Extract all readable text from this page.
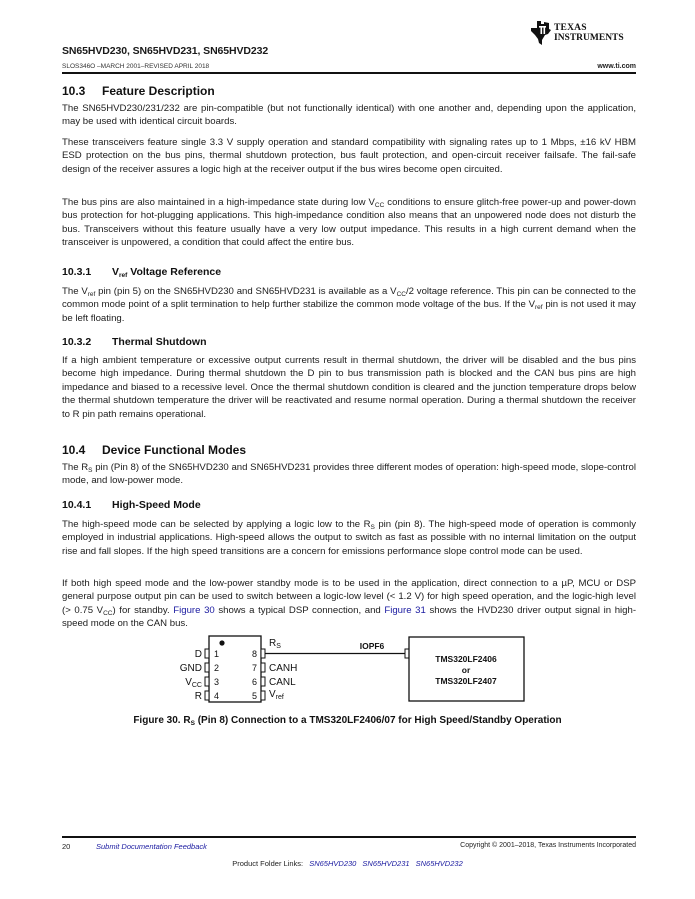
TEXAS
INSTRUMENTS
SN65HVD230, SN65HVD231, SN65HVD232
SLOS346O –MARCH 2001–REVISED APRIL 2018	www.ti.com
10.3 Feature Description
The SN65HVD230/231/232 are pin-compatible (but not functionally identical) with one another and, depending upon the application, may be used with identical circuit boards.
These transceivers feature single 3.3 V supply operation and standard compatibility with signaling rates up to 1 Mbps, ±16 kV HBM ESD protection on the bus pins, thermal shutdown protection, bus fault protection, and open-circuit receiver failsafe. The fail-safe design of the receiver assures a logic high at the receiver output if the bus wires become open circuited.
The bus pins are also maintained in a high-impedance state during low $V_{CC}$ conditions to ensure glitch-free power-up and power-down bus protection for hot-plugging applications. This high-impedance condition also means that an unpowered node does not disturb the bus. Transceivers without this feature usually have a very low output impedance. This results in a high current demand when the transceiver is unpowered, a condition that could affect the entire bus.
10.3.1 $V_{ref}$ Voltage Reference
The $V_{ref}$ pin (pin 5) on the SN65HVD230 and SN65HVD231 is available as a $V_{CC}/2$ voltage reference. This pin can be connected to the common mode point of a split termination to help further stabilize the common mode voltage of the bus. If the $V_{ref}$ pin is not used it may be left floating.
10.3.2 Thermal Shutdown
If a high ambient temperature or excessive output currents result in thermal shutdown, the driver will be disabled and the bus pins become high impedance. During thermal shutdown the D pin to bus transmission path is blocked and the CAN bus pins are high impedance and biased to a recessive level. Once the thermal shutdown condition is cleared and the junction temperature drops below the thermal shutdown temperature the driver will be reactivated and resume normal operation. During a thermal shutdown the receiver to R pin path remains operational.
10.4 Device Functional Modes
The $R_S$ pin (Pin 8) of the SN65HVD230 and SN65HVD231 provides three different modes of operation: high-speed mode, slope-control mode, and low-power mode.
10.4.1 High-Speed Mode
The high-speed mode can be selected by applying a logic low to the $R_S$ pin (pin 8). The high-speed mode of operation is commonly employed in industrial applications. High-speed allows the output to switch as fast as possible with no internal limitation on the output rise and fall slopes. If the high speed transitions are a concern for emissions performance slope control mode can be used.
If both high speed mode and the low-power standby mode is to be used in the application, direct connection to a µP, MCU or DSP general purpose output pin can be used to switch between a logic-low level (< 1.2 V) for high speed operation, and the logic-high level (> 0.75 $V_{CC}$) for standby. Figure 30 shows a typical DSP connection, and Figure 31 shows the HVD230 driver output signal in high-speed mode on the CAN bus.
D
GND
$V_{CC}$
R
1
2
3
4
8
7
6
5
$R_S$
CANH
CANL
$V_{ref}$
IOPF6
TMS320LF2406
or
TMS320LF2407
Figure 30. $R_S$ (Pin 8) Connection to a TMS320LF2406/07 for High Speed/Standby Operation
20	Submit Documentation Feedback	Copyright © 2001–2018, Texas Instruments Incorporated
Product Folder Links: SN65HVD230 SN65HVD231 SN65HVD232
